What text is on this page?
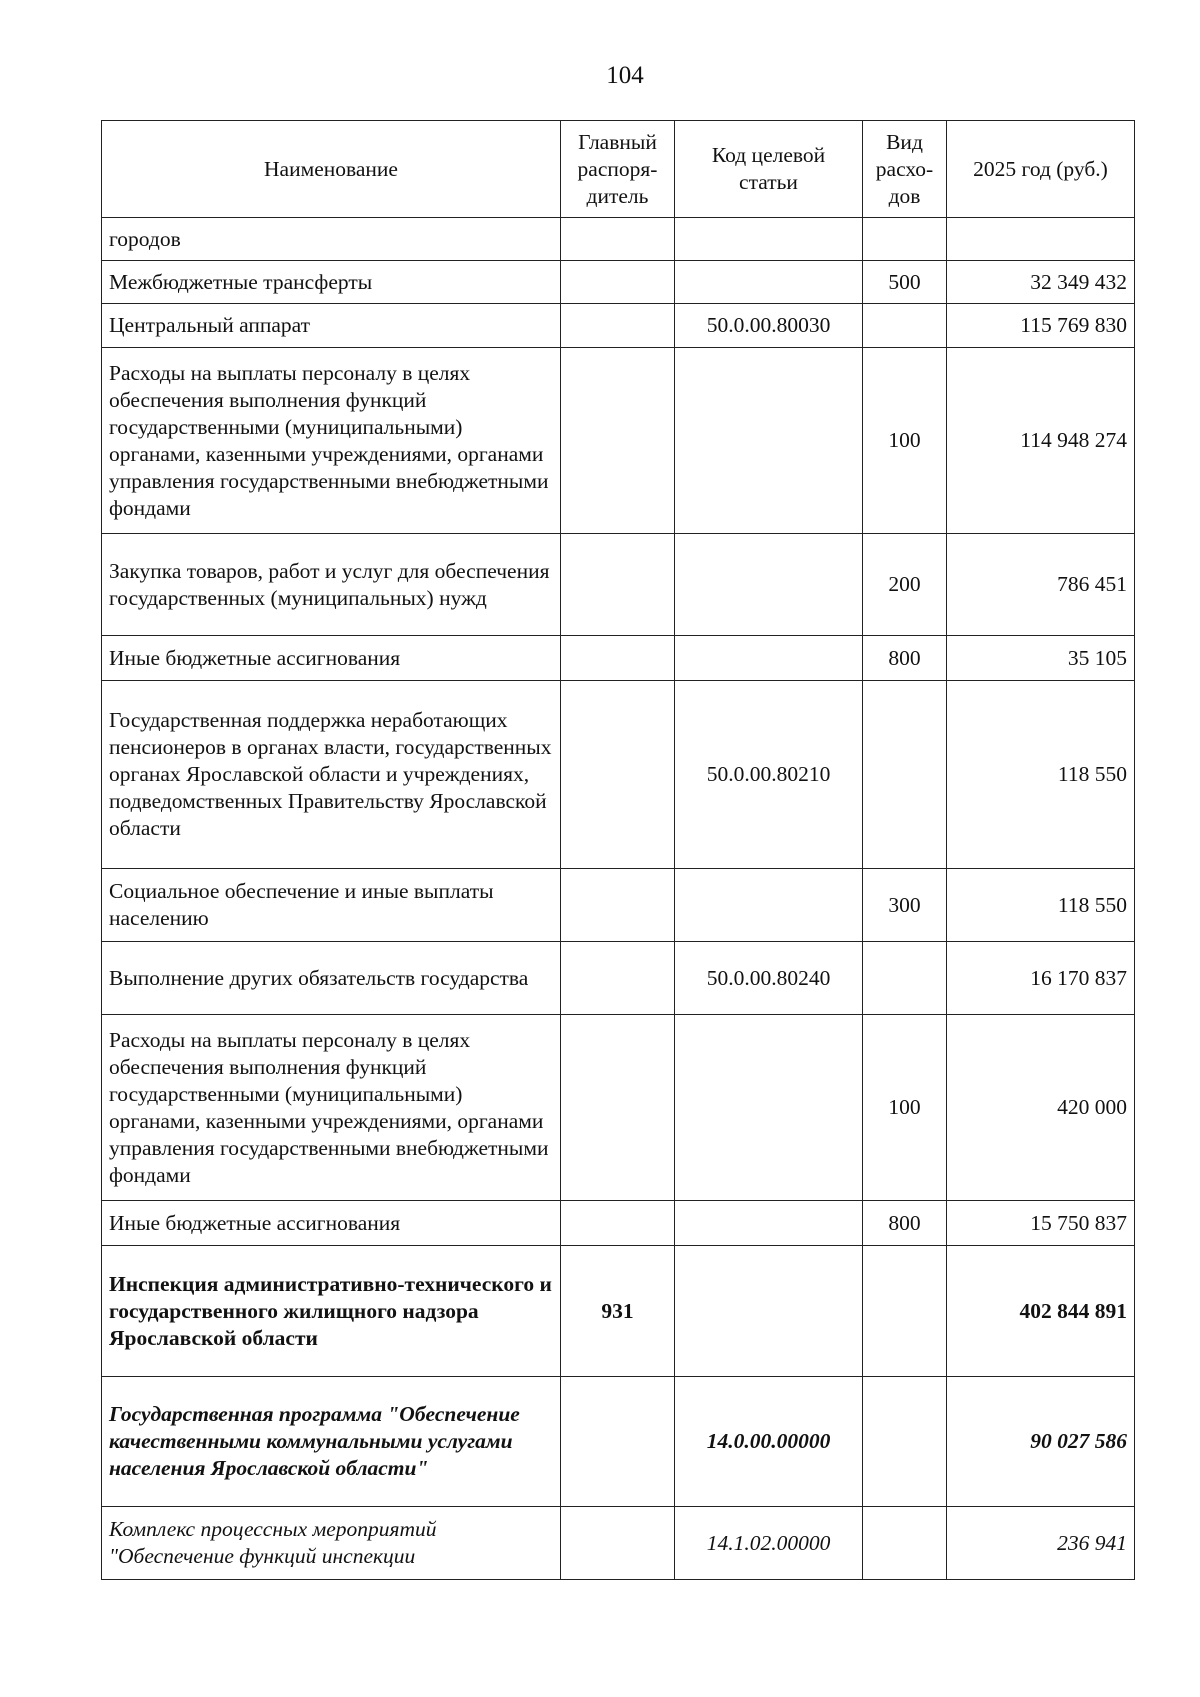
104
Наименование	Главный распоря-дитель	Код целевой статьи	Вид расхо-дов	2025 год (руб.)
городов				
Межбюджетные трансферты			500	32 349 432
Центральный аппарат		50.0.00.80030		115 769 830
Расходы на выплаты персоналу в целях обеспечения выполнения функций государственными (муниципальными) органами, казенными учреждениями, органами управления государственными внебюджетными фондами			100	114 948 274
Закупка товаров, работ и услуг для обеспечения государственных (муниципальных) нужд			200	786 451
Иные бюджетные ассигнования			800	35 105
Государственная поддержка неработающих пенсионеров в органах власти, государственных органах Ярославской области и учреждениях, подведомственных Правительству Ярославской области		50.0.00.80210		118 550
Социальное обеспечение и иные выплаты населению			300	118 550
Выполнение других обязательств государства		50.0.00.80240		16 170 837
Расходы на выплаты персоналу в целях обеспечения выполнения функций государственными (муниципальными) органами, казенными учреждениями, органами управления государственными внебюджетными фондами			100	420 000
Иные бюджетные ассигнования			800	15 750 837
Инспекция административно-технического и государственного жилищного надзора Ярославской области	931			402 844 891
Государственная программа "Обеспечение качественными коммунальными услугами населения Ярославской области"		14.0.00.00000		90 027 586
Комплекс процессных мероприятий "Обеспечение функций инспекции		14.1.02.00000		236 941
